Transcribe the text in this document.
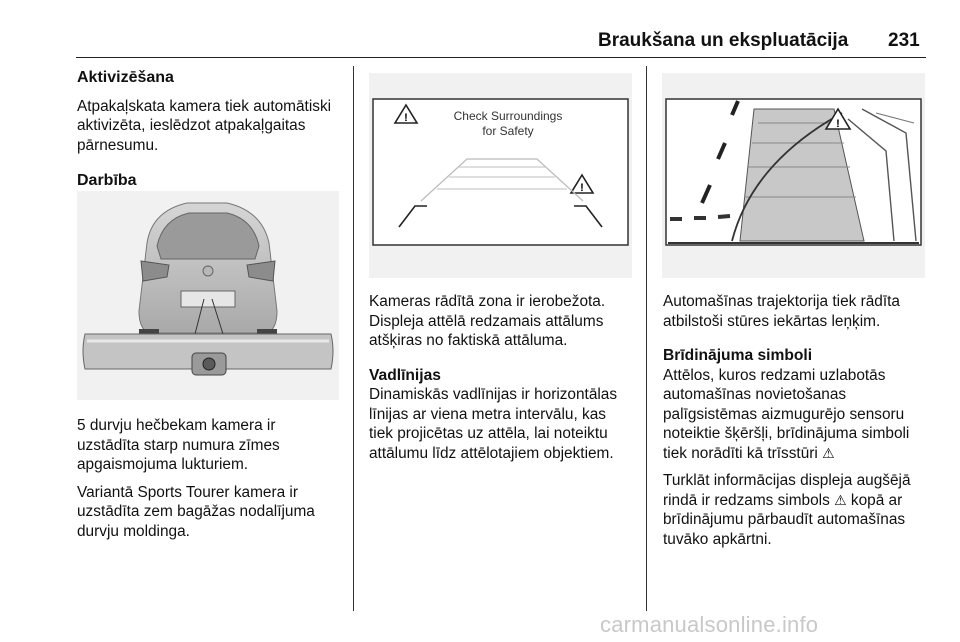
Braukšana un ekspluatācija 231

Aktivizēšana

Atpakaļskata kamera tiek automātiski

aktivizēta, ieslēdzot atpakaļgaitas

pārnesumu.

Darbība

5 durvju hečbekam kamera ir

uzstādīta starp numura zīmes

apgaismojuma lukturiem.

Variantā Sports Tourer kamera ir

uzstādīta zem bagāžas nodalījuma

durvju moldinga.

!	Check Surroundings
for Safety
!

Kameras rādītā zona ir ierobežota.

Displeja attēlā redzamais attālums

atšķiras no faktiskā attāluma.

Vadlīnijas

Dinamiskās vadlīnijas ir horizontālas

līnijas ar viena metra intervālu, kas

tiek projicētas uz attēla, lai noteiktu

attālumu līdz attēlotajiem objektiem.

!

Automašīnas trajektorija tiek rādīta

atbilstoši stūres iekārtas leņķim.

Brīdinājuma simboli

Attēlos, kuros redzami uzlabotās

automašīnas novietošanas

palīgsistēmas aizmugurējo sensoru

noteiktie šķēršļi, brīdinājuma simboli

tiek norādīti kā trīsstūri ⚠

Turklāt informācijas displeja augšējā

rindā ir redzams simbols ⚠ kopā ar

brīdinājumu pārbaudīt automašīnas

tuvāko apkārtni.

carmanualsonline.info
